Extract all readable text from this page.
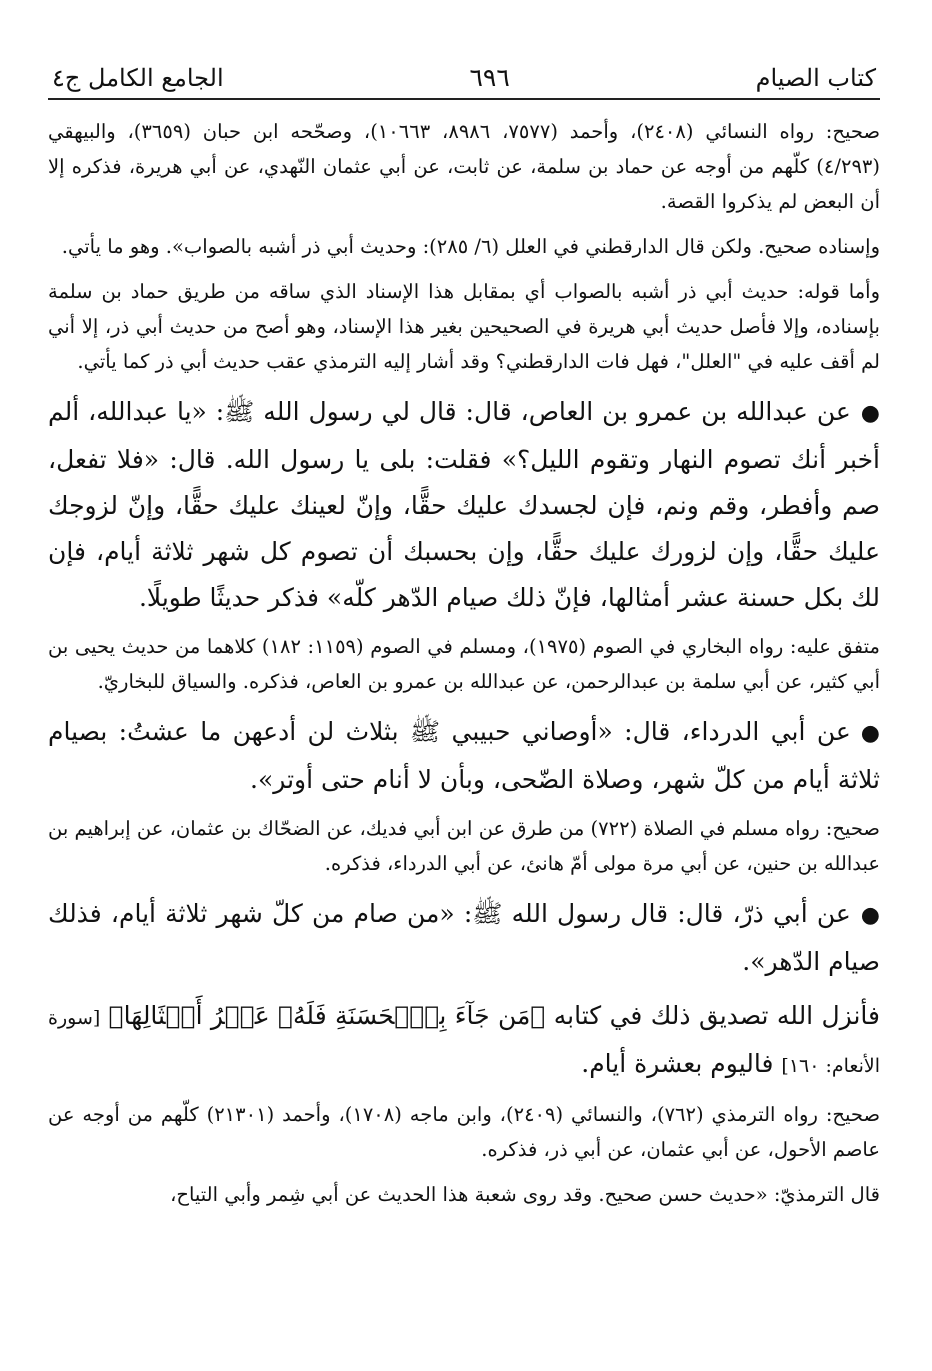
كتاب الصيام
٦٩٦
الجامع الكامل ج٤

صحيح: رواه النسائي (٢٤٠٨)، وأحمد (٧٥٧٧، ٨٩٨٦، ١٠٦٦٣)، وصحّحه ابن حبان (٣٦٥٩)، والبيهقي (٤/٢٩٣) كلّهم من أوجه عن حماد بن سلمة، عن ثابت، عن أبي عثمان النّهدي، عن أبي هريرة، فذكره إلا أن البعض لم يذكروا القصة.

وإسناده صحيح. ولكن قال الدارقطني في العلل (٦/ ٢٨٥): وحديث أبي ذر أشبه بالصواب». وهو ما يأتي.

وأما قوله: حديث أبي ذر أشبه بالصواب أي بمقابل هذا الإسناد الذي ساقه من طريق حماد بن سلمة بإسناده، وإلا فأصل حديث أبي هريرة في الصحيحين بغير هذا الإسناد، وهو أصح من حديث أبي ذر، إلا أني لم أقف عليه في "العلل"، فهل فات الدارقطني؟ وقد أشار إليه الترمذي عقب حديث أبي ذر كما يأتي.

●عن عبدالله بن عمرو بن العاص، قال: قال لي رسول الله ﷺ: «يا عبدالله، ألم أخبر أنك تصوم النهار وتقوم الليل؟» فقلت: بلى يا رسول الله. قال: «فلا تفعل، صم وأفطر، وقم ونم، فإن لجسدك عليك حقًّا، وإنّ لعينك عليك حقًّا، وإنّ لزوجك عليك حقًّا، وإن لزورك عليك حقًّا، وإن بحسبك أن تصوم كل شهر ثلاثة أيام، فإن لك بكل حسنة عشر أمثالها، فإنّ ذلك صيام الدّهر كلّه» فذكر حديثًا طويلًا.

متفق عليه: رواه البخاري في الصوم (١٩٧٥)، ومسلم في الصوم (١١٥٩: ١٨٢) كلاهما من حديث يحيى بن أبي كثير، عن أبي سلمة بن عبدالرحمن، عن عبدالله بن عمرو بن العاص، فذكره. والسياق للبخاريّ.

●عن أبي الدرداء، قال: «أوصاني حبيبي ﷺ بثلاث لن أدعهن ما عشتُ: بصيام ثلاثة أيام من كلّ شهر، وصلاة الضّحى، وبأن لا أنام حتى أوتر».

صحيح: رواه مسلم في الصلاة (٧٢٢) من طرق عن ابن أبي فديك، عن الضحّاك بن عثمان، عن إبراهيم بن عبدالله بن حنين، عن أبي مرة مولى أمّ هانئ، عن أبي الدرداء، فذكره.

●عن أبي ذرّ، قال: قال رسول الله ﷺ: «من صام من كلّ شهر ثلاثة أيام، فذلك صيام الدّهر».

فأنزل الله تصديق ذلك في كتابه ﴿مَن جَآءَ بِٱلۡحَسَنَةِ فَلَهُۥ عَشۡرُ أَمۡثَالِهَا﴾ [سورة الأنعام: ١٦٠] فاليوم بعشرة أيام.

صحيح: رواه الترمذي (٧٦٢)، والنسائي (٢٤٠٩)، وابن ماجه (١٧٠٨)، وأحمد (٢١٣٠١) كلّهم من أوجه عن عاصم الأحول، عن أبي عثمان، عن أبي ذر، فذكره.

قال الترمذيّ: «حديث حسن صحيح. وقد روى شعبة هذا الحديث عن أبي شِمر وأبي التياح،
